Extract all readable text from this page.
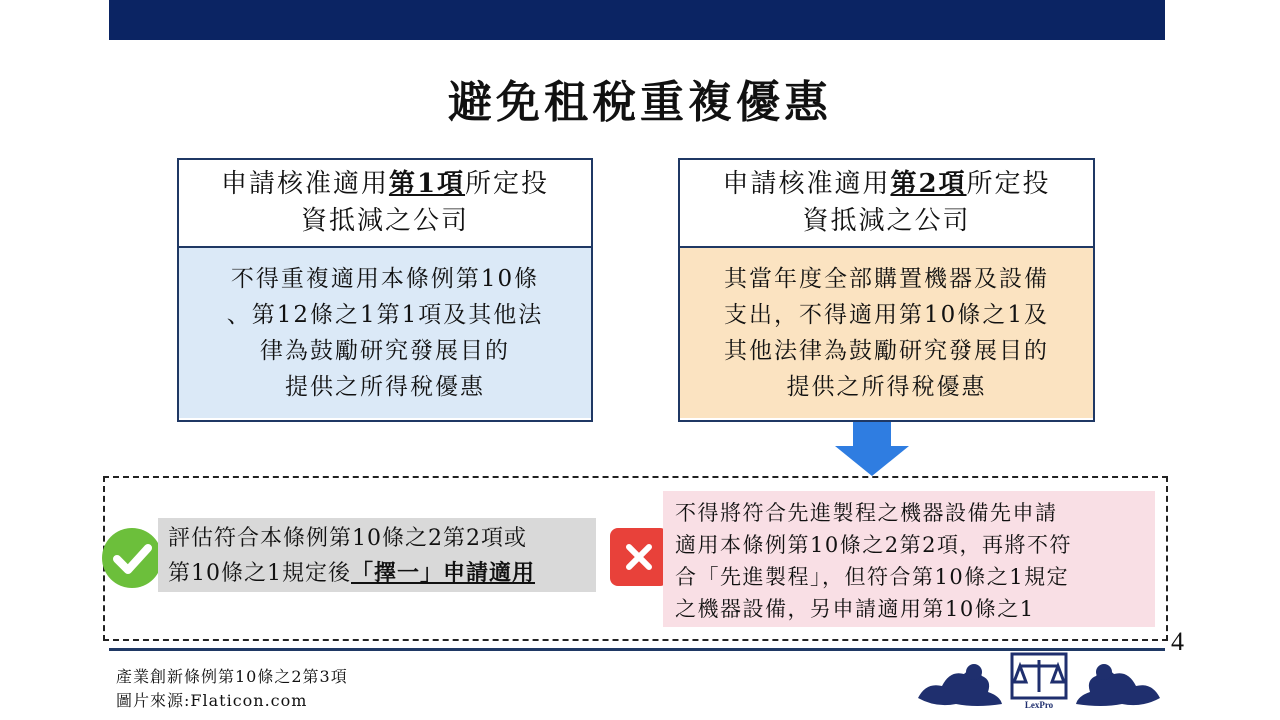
避免租稅重複優惠
申請核准適用第1項所定投
資抵減之公司
不得重複適用本條例第10條
、第12條之1第1項及其他法
律為鼓勵研究發展目的
提供之所得稅優惠
申請核准適用第2項所定投
資抵減之公司
其當年度全部購置機器及設備
支出，不得適用第10條之1及
其他法律為鼓勵研究發展目的
提供之所得稅優惠
評估符合本條例第10條之2第2項或
第10條之1規定後「擇一」申請適用
不得將符合先進製程之機器設備先申請
適用本條例第10條之2第2項，再將不符
合「先進製程」，但符合第10條之1規定
之機器設備，另申請適用第10條之1
4
產業創新條例第10條之2第3項
圖片來源:Flaticon.com	LexPro
